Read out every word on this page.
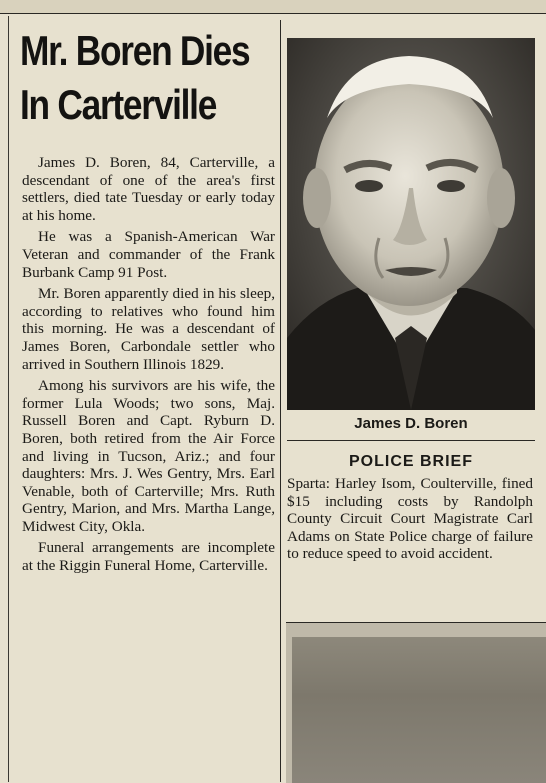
Mr. Boren Dies
In Carterville

James D. Boren, 84, Carterville, a descendant of one of the area's first settlers, died tate Tuesday or early today at his home.

He was a Spanish-American War Veteran and commander of the Frank Burbank Camp 91 Post.

Mr. Boren apparently died in his sleep, according to relatives who found him this morning. He was a descendant of James Boren, Carbondale settler who arrived in Southern Illinois 1829.

Among his survivors are his wife, the former Lula Woods; two sons, Maj. Russell Boren and Capt. Ryburn D. Boren, both retired from the Air Force and living in Tucson, Ariz.; and four daughters: Mrs. J. Wes Gentry, Mrs. Earl Venable, both of Carterville; Mrs. Ruth Gentry, Marion, and Mrs. Martha Lange, Midwest City, Okla.

Funeral arrangements are incomplete at the Riggin Funeral Home, Carterville.

James D. Boren
POLICE BRIEF
Sparta: Harley Isom, Coulterville, fined $15 including costs by Randolph County Circuit Court Magistrate Carl Adams on State Police charge of failure to reduce speed to avoid accident.
